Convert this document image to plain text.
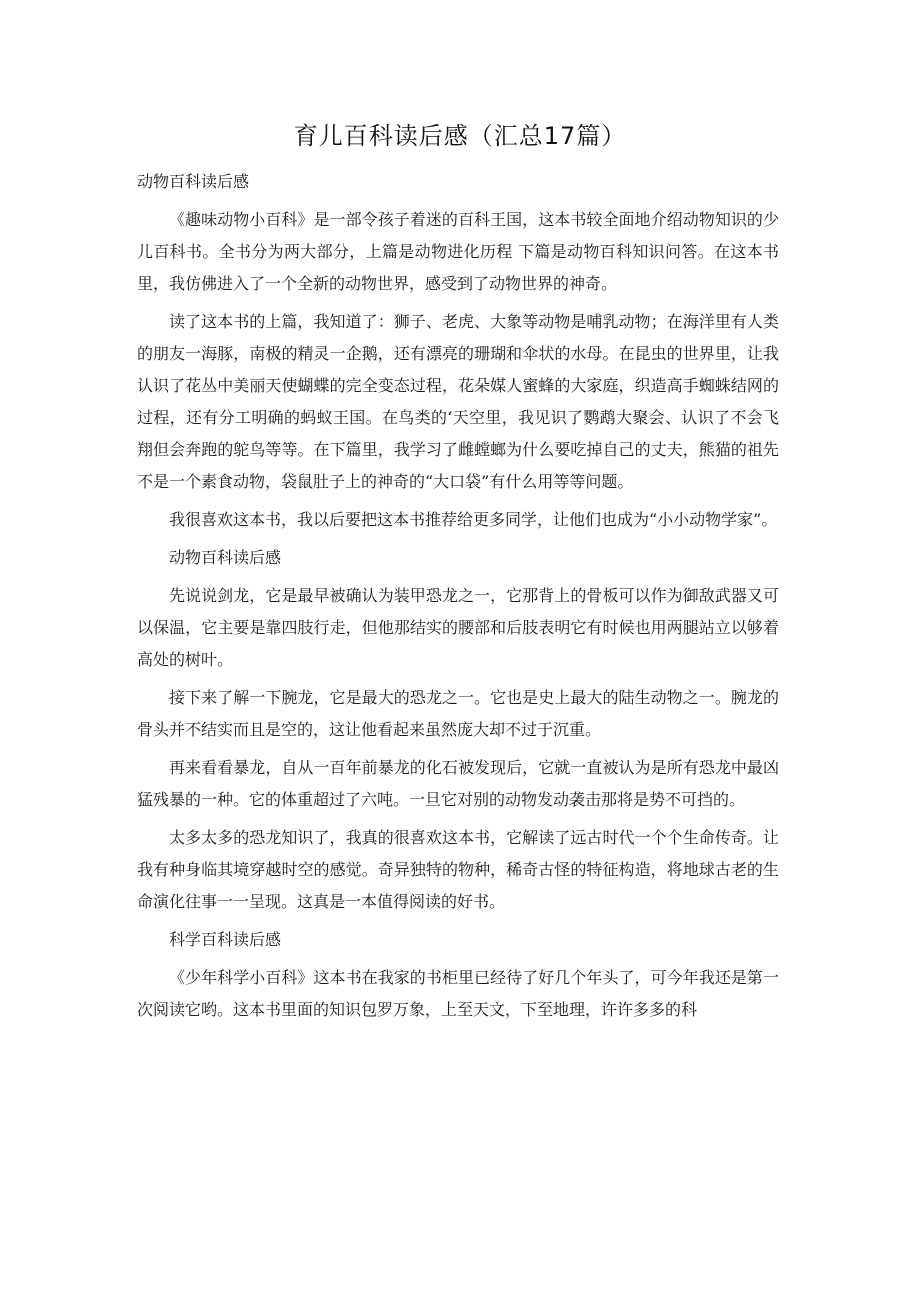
育儿百科读后感（汇总17篇）

动物百科读后感

《趣味动物小百科》是一部令孩子着迷的百科王国，这本书较全面地介绍动物知识的少儿百科书。全书分为两大部分，上篇是动物进化历程 下篇是动物百科知识问答。在这本书里，我仿佛进入了一个全新的动物世界，感受到了动物世界的神奇。

读了这本书的上篇，我知道了：狮子、老虎、大象等动物是哺乳动物；在海洋里有人类的朋友一海豚，南极的精灵一企鹅，还有漂亮的珊瑚和伞状的水母。在昆虫的世界里，让我认识了花丛中美丽天使蝴蝶的完全变态过程，花朵媒人蜜蜂的大家庭，织造高手蜘蛛结网的过程，还有分工明确的蚂蚁王国。在鸟类的‘天空里，我见识了鹦鹉大聚会、认识了不会飞翔但会奔跑的鸵鸟等等。在下篇里，我学习了雌螳螂为什么要吃掉自己的丈夫，熊猫的祖先不是一个素食动物，袋鼠肚子上的神奇的“大口袋”有什么用等等问题。

我很喜欢这本书，我以后要把这本书推荐给更多同学，让他们也成为“小小动物学家”。

动物百科读后感

先说说剑龙，它是最早被确认为装甲恐龙之一，它那背上的骨板可以作为御敌武器又可以保温，它主要是靠四肢行走，但他那结实的腰部和后肢表明它有时候也用两腿站立以够着高处的树叶。

接下来了解一下腕龙，它是最大的恐龙之一。它也是史上最大的陆生动物之一。腕龙的骨头并不结实而且是空的，这让他看起来虽然庞大却不过于沉重。

再来看看暴龙，自从一百年前暴龙的化石被发现后，它就一直被认为是所有恐龙中最凶猛残暴的一种。它的体重超过了六吨。一旦它对别的动物发动袭击那将是势不可挡的。

太多太多的恐龙知识了，我真的很喜欢这本书，它解读了远古时代一个个生命传奇。让我有种身临其境穿越时空的感觉。奇异独特的物种，稀奇古怪的特征构造，将地球古老的生命演化往事一一呈现。这真是一本值得阅读的好书。

科学百科读后感

《少年科学小百科》这本书在我家的书柜里已经待了好几个年头了，可今年我还是第一次阅读它哟。这本书里面的知识包罗万象，上至天文，下至地理，许许多多的科
